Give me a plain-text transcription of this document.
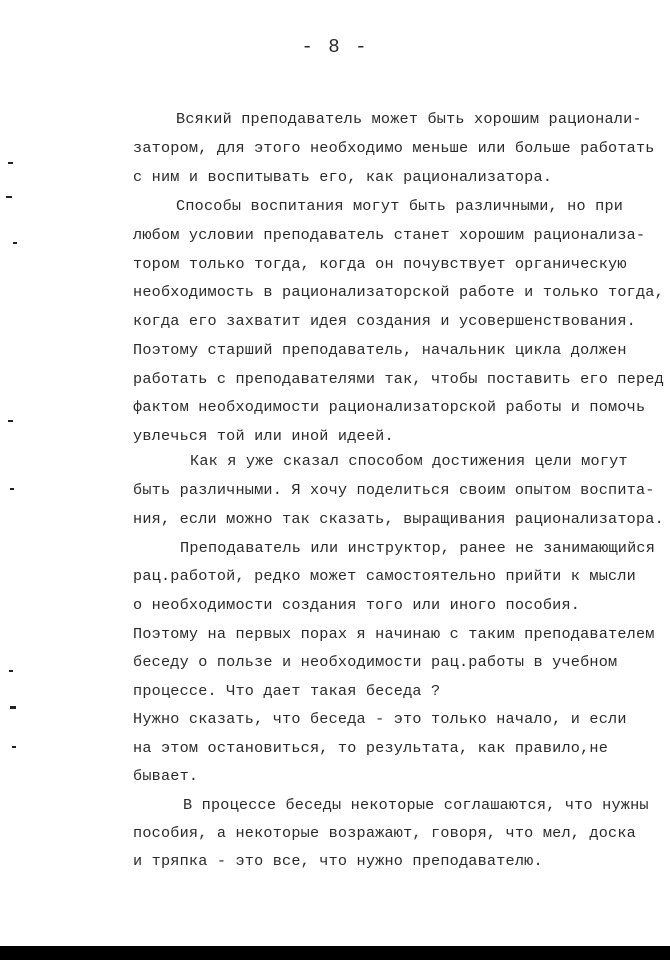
- 8 -
Всякий преподаватель может быть хорошим рационали-
затором, для этого необходимо меньше или больше работать
с ним и воспитывать его, как рационализатора.
Способы воспитания могут быть различными, но при
любом условии преподаватель станет хорошим рационализа-
тором только тогда, когда он почувствует органическую
необходимость в рационализаторской работе и только тогда,
когда его захватит идея создания и усовершенствования.
Поэтому старший преподаватель, начальник цикла должен
работать с преподавателями так, чтобы поставить его перед
фактом необходимости рационализаторской работы и помочь
увлечься той или иной идеей.
Как я уже сказал способом достижения цели могут
быть различными. Я хочу поделиться своим опытом воспита-
ния, если можно так сказать, выращивания рационализатора.
Преподаватель или инструктор, ранее не занимающийся
рац.работой, редко может самостоятельно прийти к мысли
о необходимости создания того или иного пособия.
Поэтому на первых порах я начинаю с таким преподавателем
беседу о пользе и необходимости рац.работы в учебном
процессе. Что дает такая беседа ?
Нужно сказать, что беседа - это только начало, и если
на этом остановиться, то результата, как правило,не
бывает.
В процессе беседы некоторые соглашаются, что нужны
пособия, а некоторые возражают, говоря, что мел, доска
и тряпка - это все, что нужно преподавателю.
